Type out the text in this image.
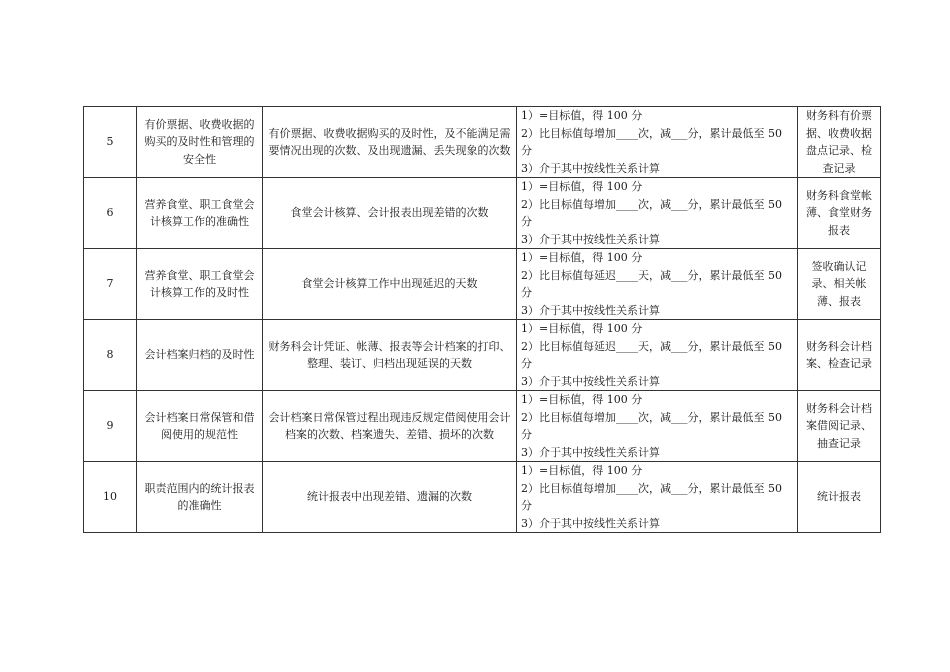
5	有价票据、收费收据的购买的及时性和管理的安全性	有价票据、收费收据购买的及时性，及不能满足需要情况出现的次数、及出现遗漏、丢失现象的次数	1）=目标值，得 100 分
2）比目标值每增加____次，减___分，累计最低至 50 分
3）介于其中按线性关系计算	财务科有价票据、收费收据盘点记录、检查记录
6	营养食堂、职工食堂会计核算工作的准确性	食堂会计核算、会计报表出现差错的次数	1）=目标值，得 100 分
2）比目标值每增加____次，减___分，累计最低至 50 分
3）介于其中按线性关系计算	财务科食堂帐薄、食堂财务报表
7	营养食堂、职工食堂会计核算工作的及时性	食堂会计核算工作中出现延迟的天数	1）=目标值，得 100 分
2）比目标值每延迟____天，减___分，累计最低至 50 分
3）介于其中按线性关系计算	签收确认记录、相关帐薄、报表
8	会计档案归档的及时性	财务科会计凭证、帐薄、报表等会计档案的打印、整理、装订、归档出现延误的天数	1）=目标值，得 100 分
2）比目标值每延迟____天，减___分，累计最低至 50 分
3）介于其中按线性关系计算	财务科会计档案、检查记录
9	会计档案日常保管和借阅使用的规范性	会计档案日常保管过程出现违反规定借阅使用会计档案的次数、档案遗失、差错、损坏的次数	1）=目标值，得 100 分
2）比目标值每增加____次，减___分，累计最低至 50 分
3）介于其中按线性关系计算	财务科会计档案借阅记录、抽查记录
10	职责范围内的统计报表的准确性	统计报表中出现差错、遗漏的次数	1）=目标值，得 100 分
2）比目标值每增加____次，减___分，累计最低至 50 分
3）介于其中按线性关系计算	统计报表
